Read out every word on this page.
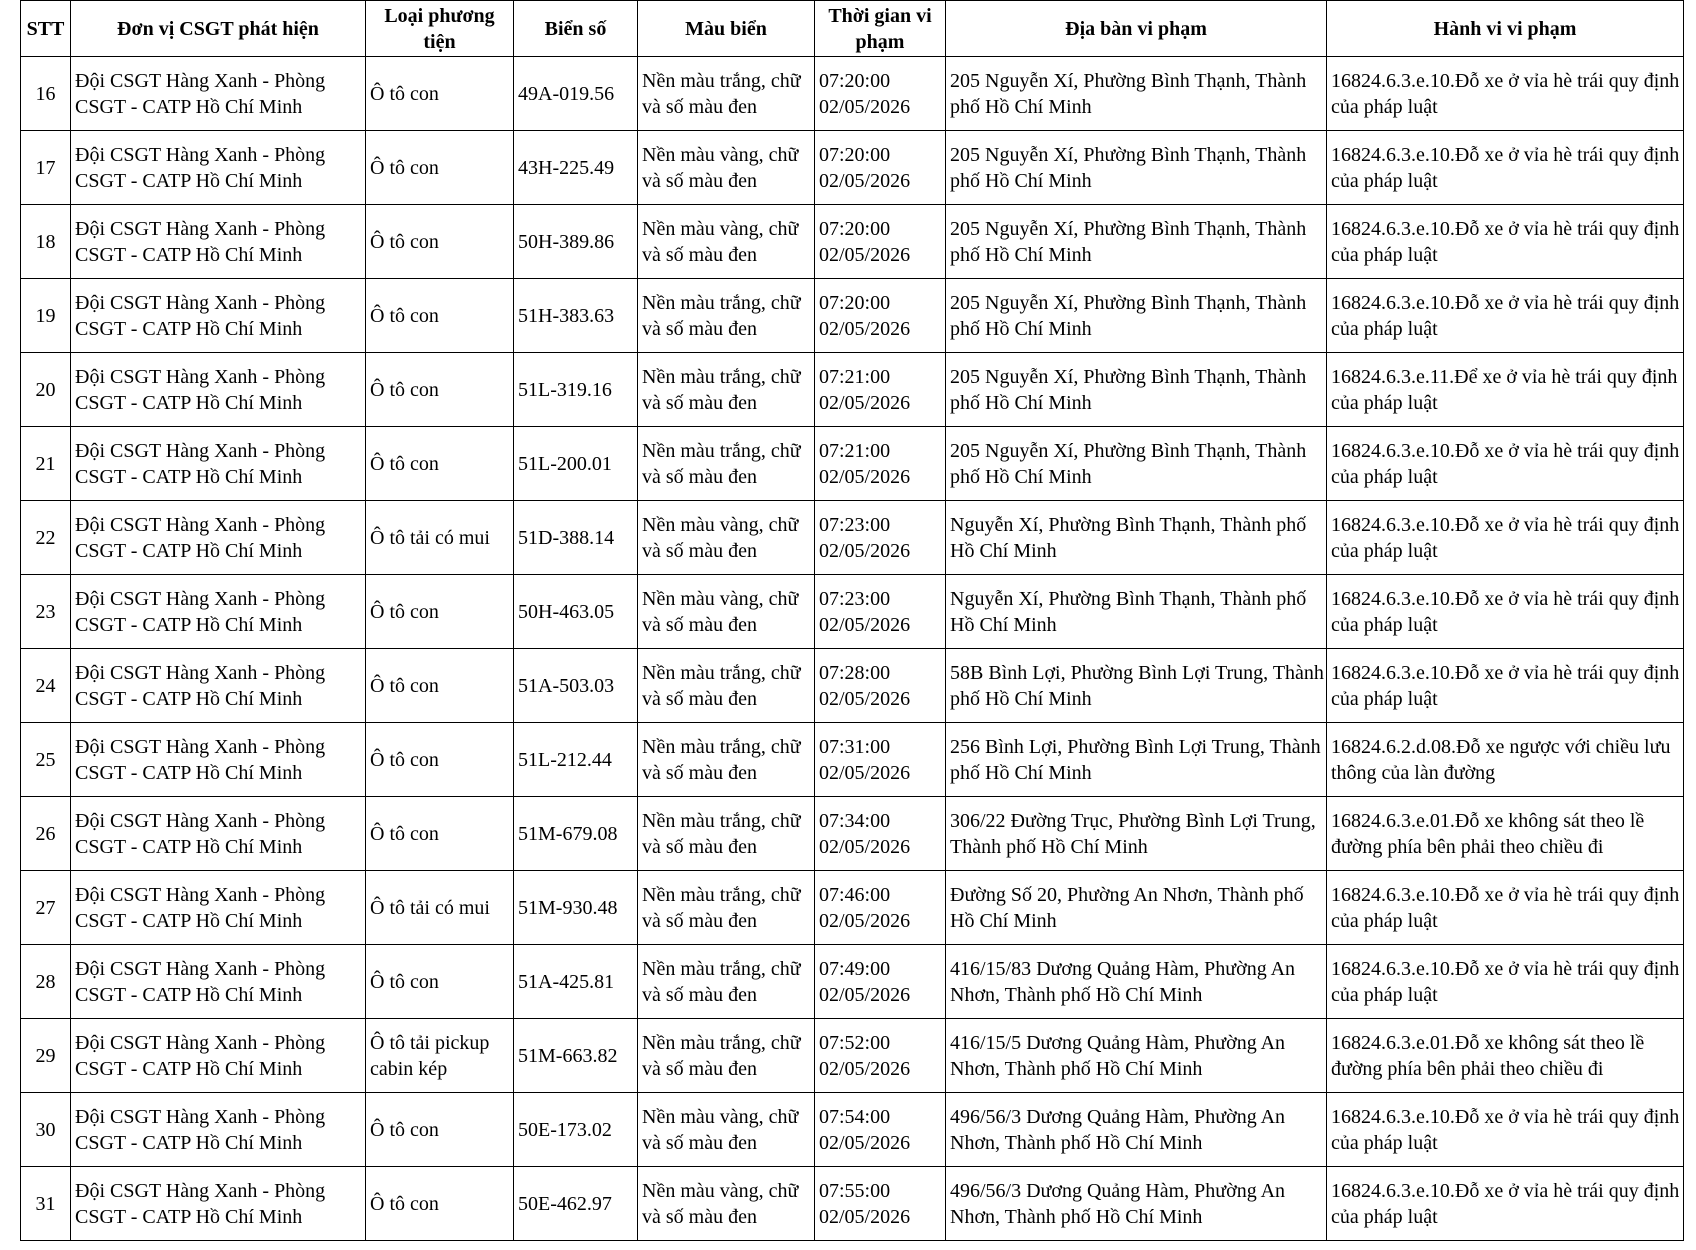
STT	Đơn vị CSGT phát hiện	Loại phương tiện	Biển số	Màu biển	Thời gian vi phạm	Địa bàn vi phạm	Hành vi vi phạm
16	Đội CSGT Hàng Xanh - Phòng CSGT - CATP Hồ Chí Minh	Ô tô con	49A-019.56	Nền màu trắng, chữ và số màu đen	07:20:00 02/05/2026	205 Nguyễn Xí, Phường Bình Thạnh, Thành phố Hồ Chí Minh	16824.6.3.e.10.Đỗ xe ở vỉa hè trái quy định của pháp luật
17	Đội CSGT Hàng Xanh - Phòng CSGT - CATP Hồ Chí Minh	Ô tô con	43H-225.49	Nền màu vàng, chữ và số màu đen	07:20:00 02/05/2026	205 Nguyễn Xí, Phường Bình Thạnh, Thành phố Hồ Chí Minh	16824.6.3.e.10.Đỗ xe ở vỉa hè trái quy định của pháp luật
18	Đội CSGT Hàng Xanh - Phòng CSGT - CATP Hồ Chí Minh	Ô tô con	50H-389.86	Nền màu vàng, chữ và số màu đen	07:20:00 02/05/2026	205 Nguyễn Xí, Phường Bình Thạnh, Thành phố Hồ Chí Minh	16824.6.3.e.10.Đỗ xe ở vỉa hè trái quy định của pháp luật
19	Đội CSGT Hàng Xanh - Phòng CSGT - CATP Hồ Chí Minh	Ô tô con	51H-383.63	Nền màu trắng, chữ và số màu đen	07:20:00 02/05/2026	205 Nguyễn Xí, Phường Bình Thạnh, Thành phố Hồ Chí Minh	16824.6.3.e.10.Đỗ xe ở vỉa hè trái quy định của pháp luật
20	Đội CSGT Hàng Xanh - Phòng CSGT - CATP Hồ Chí Minh	Ô tô con	51L-319.16	Nền màu trắng, chữ và số màu đen	07:21:00 02/05/2026	205 Nguyễn Xí, Phường Bình Thạnh, Thành phố Hồ Chí Minh	16824.6.3.e.11.Để xe ở vỉa hè trái quy định của pháp luật
21	Đội CSGT Hàng Xanh - Phòng CSGT - CATP Hồ Chí Minh	Ô tô con	51L-200.01	Nền màu trắng, chữ và số màu đen	07:21:00 02/05/2026	205 Nguyễn Xí, Phường Bình Thạnh, Thành phố Hồ Chí Minh	16824.6.3.e.10.Đỗ xe ở vỉa hè trái quy định của pháp luật
22	Đội CSGT Hàng Xanh - Phòng CSGT - CATP Hồ Chí Minh	Ô tô tải có mui	51D-388.14	Nền màu vàng, chữ và số màu đen	07:23:00 02/05/2026	Nguyễn Xí, Phường Bình Thạnh, Thành phố Hồ Chí Minh	16824.6.3.e.10.Đỗ xe ở vỉa hè trái quy định của pháp luật
23	Đội CSGT Hàng Xanh - Phòng CSGT - CATP Hồ Chí Minh	Ô tô con	50H-463.05	Nền màu vàng, chữ và số màu đen	07:23:00 02/05/2026	Nguyễn Xí, Phường Bình Thạnh, Thành phố Hồ Chí Minh	16824.6.3.e.10.Đỗ xe ở vỉa hè trái quy định của pháp luật
24	Đội CSGT Hàng Xanh - Phòng CSGT - CATP Hồ Chí Minh	Ô tô con	51A-503.03	Nền màu trắng, chữ và số màu đen	07:28:00 02/05/2026	58B Bình Lợi, Phường Bình Lợi Trung, Thành phố Hồ Chí Minh	16824.6.3.e.10.Đỗ xe ở vỉa hè trái quy định của pháp luật
25	Đội CSGT Hàng Xanh - Phòng CSGT - CATP Hồ Chí Minh	Ô tô con	51L-212.44	Nền màu trắng, chữ và số màu đen	07:31:00 02/05/2026	256 Bình Lợi, Phường Bình Lợi Trung, Thành phố Hồ Chí Minh	16824.6.2.d.08.Đỗ xe ngược với chiều lưu thông của làn đường
26	Đội CSGT Hàng Xanh - Phòng CSGT - CATP Hồ Chí Minh	Ô tô con	51M-679.08	Nền màu trắng, chữ và số màu đen	07:34:00 02/05/2026	306/22 Đường Trục, Phường Bình Lợi Trung, Thành phố Hồ Chí Minh	16824.6.3.e.01.Đỗ xe không sát theo lề đường phía bên phải theo chiều đi
27	Đội CSGT Hàng Xanh - Phòng CSGT - CATP Hồ Chí Minh	Ô tô tải có mui	51M-930.48	Nền màu trắng, chữ và số màu đen	07:46:00 02/05/2026	Đường Số 20, Phường An Nhơn, Thành phố Hồ Chí Minh	16824.6.3.e.10.Đỗ xe ở vỉa hè trái quy định của pháp luật
28	Đội CSGT Hàng Xanh - Phòng CSGT - CATP Hồ Chí Minh	Ô tô con	51A-425.81	Nền màu trắng, chữ và số màu đen	07:49:00 02/05/2026	416/15/83 Dương Quảng Hàm, Phường An Nhơn, Thành phố Hồ Chí Minh	16824.6.3.e.10.Đỗ xe ở vỉa hè trái quy định của pháp luật
29	Đội CSGT Hàng Xanh - Phòng CSGT - CATP Hồ Chí Minh	Ô tô tải pickup cabin kép	51M-663.82	Nền màu trắng, chữ và số màu đen	07:52:00 02/05/2026	416/15/5 Dương Quảng Hàm, Phường An Nhơn, Thành phố Hồ Chí Minh	16824.6.3.e.01.Đỗ xe không sát theo lề đường phía bên phải theo chiều đi
30	Đội CSGT Hàng Xanh - Phòng CSGT - CATP Hồ Chí Minh	Ô tô con	50E-173.02	Nền màu vàng, chữ và số màu đen	07:54:00 02/05/2026	496/56/3 Dương Quảng Hàm, Phường An Nhơn, Thành phố Hồ Chí Minh	16824.6.3.e.10.Đỗ xe ở vỉa hè trái quy định của pháp luật
31	Đội CSGT Hàng Xanh - Phòng CSGT - CATP Hồ Chí Minh	Ô tô con	50E-462.97	Nền màu vàng, chữ và số màu đen	07:55:00 02/05/2026	496/56/3 Dương Quảng Hàm, Phường An Nhơn, Thành phố Hồ Chí Minh	16824.6.3.e.10.Đỗ xe ở vỉa hè trái quy định của pháp luật
